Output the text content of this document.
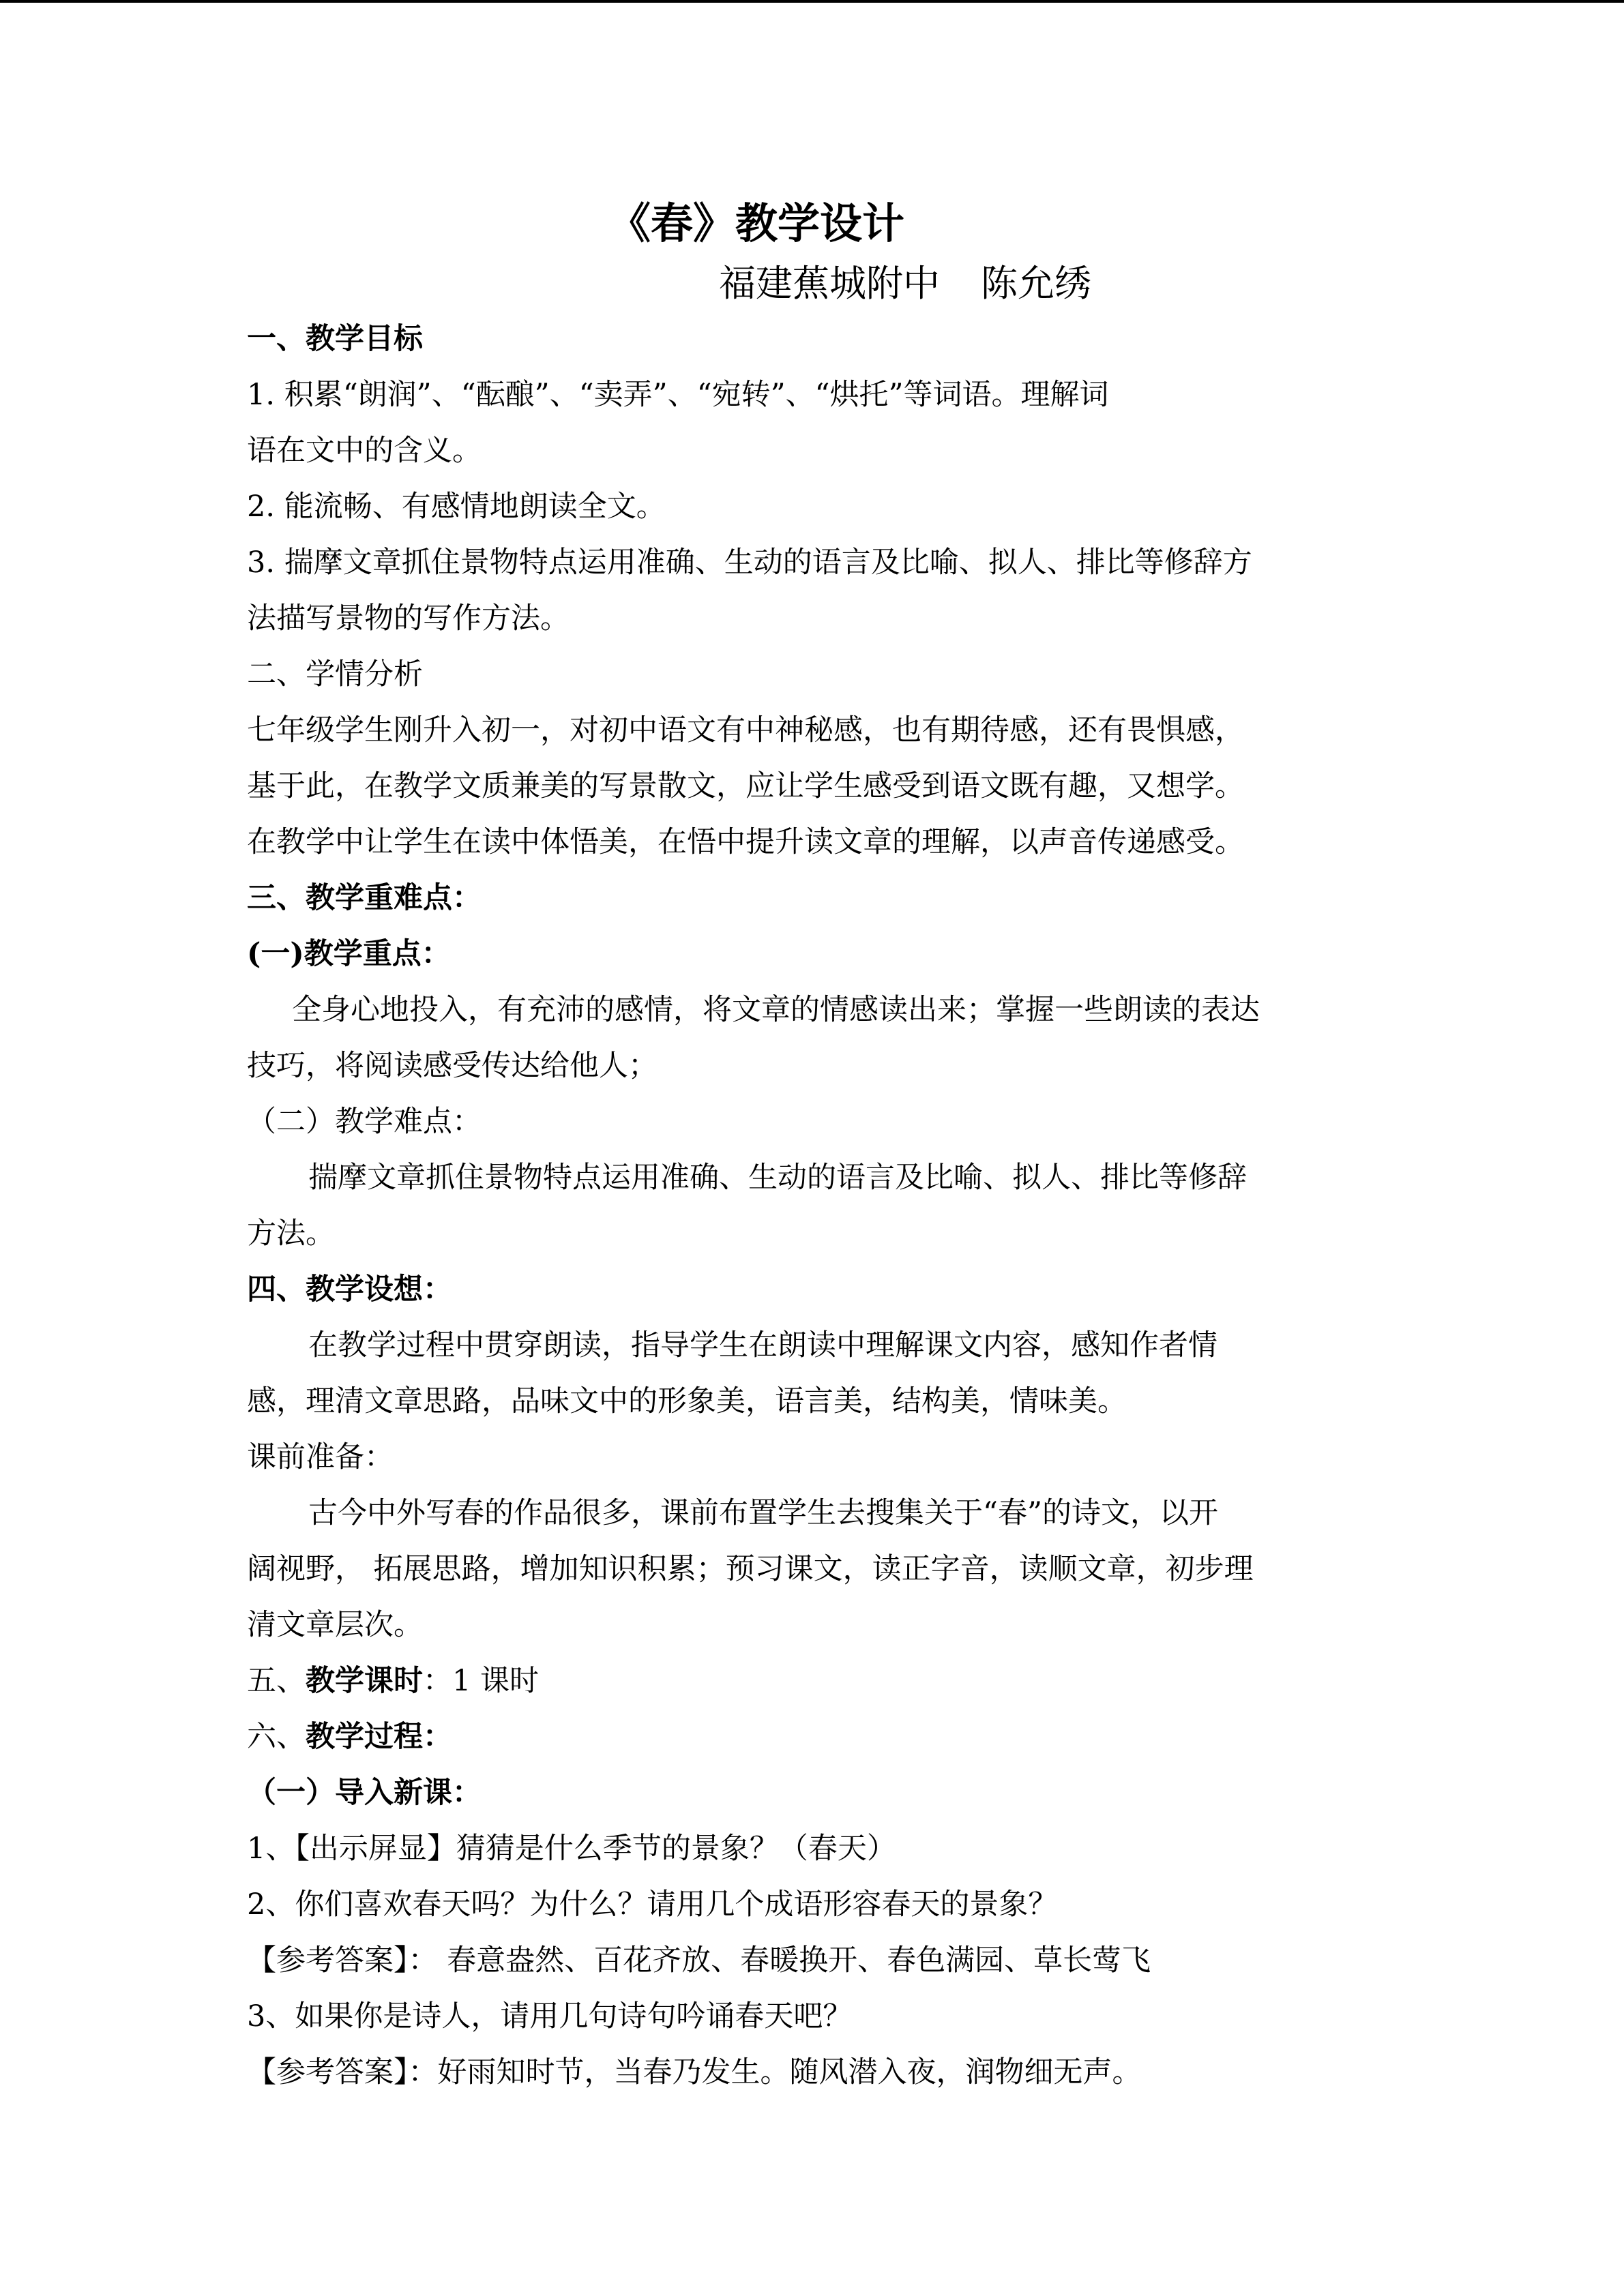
《春》教学设计
福建蕉城附中 陈允绣
一、教学目标
1. 积累“朗润”、“酝酿”、“卖弄”、“宛转”、“烘托”等词语。理解词
语在文中的含义。
2. 能流畅、有感情地朗读全文。
3. 揣摩文章抓住景物特点运用准确、生动的语言及比喻、拟人、排比等修辞方
法描写景物的写作方法。
二、学情分析
七年级学生刚升入初一，对初中语文有中神秘感，也有期待感，还有畏惧感，
基于此，在教学文质兼美的写景散文，应让学生感受到语文既有趣，又想学。
在教学中让学生在读中体悟美，在悟中提升读文章的理解，以声音传递感受。
三、教学重难点：
(一)教学重点：
全身心地投入，有充沛的感情，将文章的情感读出来；掌握一些朗读的表达
技巧，将阅读感受传达给他人；
（二）教学难点：
揣摩文章抓住景物特点运用准确、生动的语言及比喻、拟人、排比等修辞
方法。
四、教学设想：
在教学过程中贯穿朗读，指导学生在朗读中理解课文内容，感知作者情
感，理清文章思路，品味文中的形象美，语言美，结构美，情味美。
课前准备：
古今中外写春的作品很多，课前布置学生去搜集关于“春”的诗文，以开
阔视野， 拓展思路，增加知识积累；预习课文，读正字音，读顺文章，初步理
清文章层次。
五、教学课时：1 课时
六、教学过程：
（一）导入新课：
1、【出示屏显】猜猜是什么季节的景象？（春天）
2、你们喜欢春天吗？为什么？请用几个成语形容春天的景象？
【参考答案】： 春意盎然、百花齐放、春暖换开、春色满园、草长莺飞
3、如果你是诗人，请用几句诗句吟诵春天吧？
【参考答案】：好雨知时节，当春乃发生。随风潜入夜，润物细无声。
